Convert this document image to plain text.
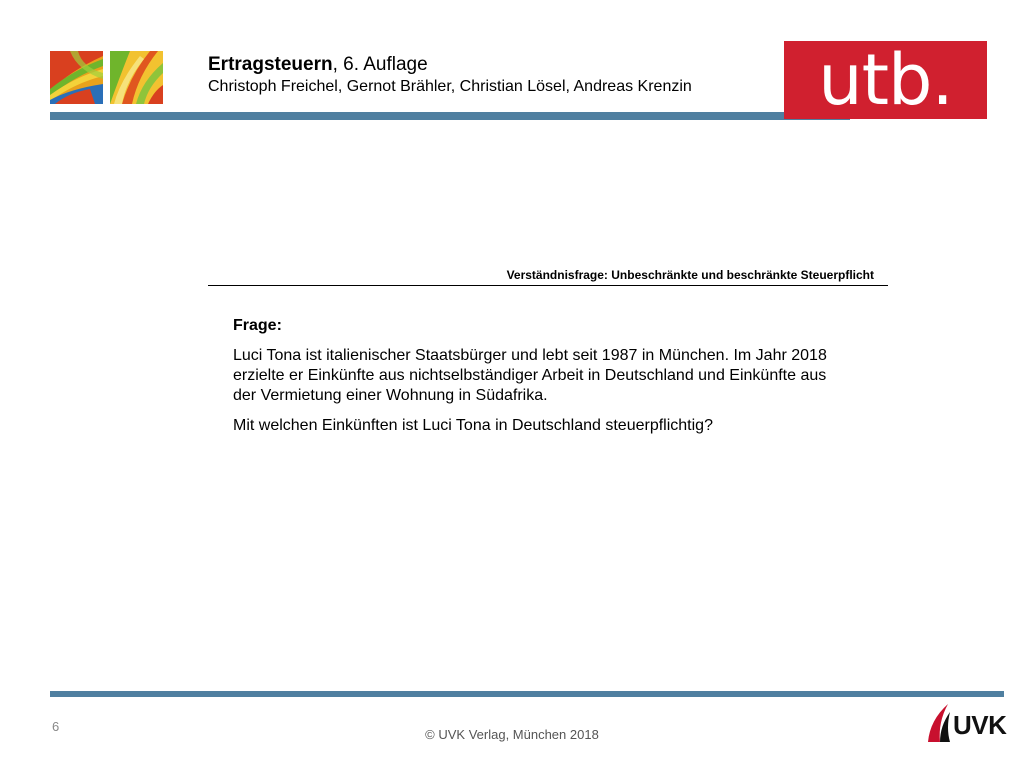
Ertragsteuern, 6. Auflage
Christoph Freichel, Gernot Brähler, Christian Lösel, Andreas Krenzin	utb.
Verständnisfrage: Unbeschränkte und beschränkte Steuerpflicht
Frage:

Luci Tona ist italienischer Staatsbürger und lebt seit 1987 in München. Im Jahr 2018 erzielte er Einkünfte aus nichtselbständiger Arbeit in Deutschland und Einkünfte aus der Vermietung einer Wohnung in Südafrika.

Mit welchen Einkünften ist Luci Tona in Deutschland steuerpflichtig?

6
© UVK Verlag, München 2018	UVK
